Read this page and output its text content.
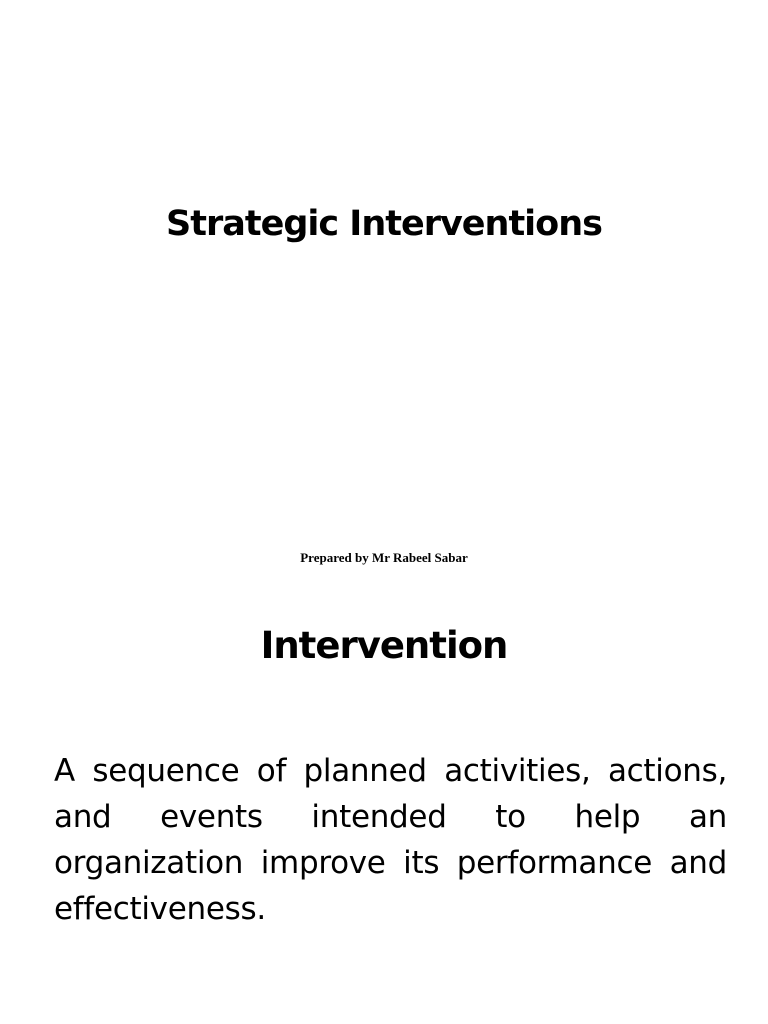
Strategic Interventions

Prepared by Mr Rabeel Sabar

Intervention

A sequence of planned activities, actions, and events intended to help an organization improve its performance and effectiveness.
